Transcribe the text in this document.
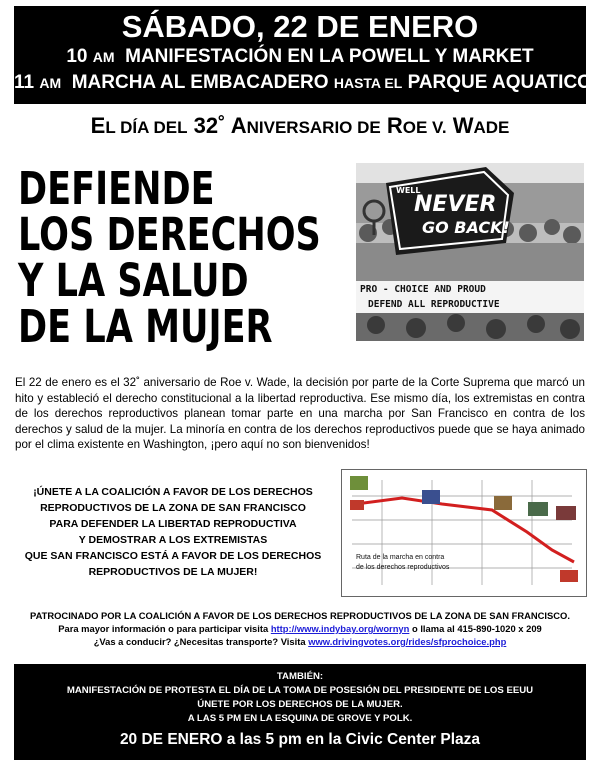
SÁBADO, 22 DE ENERO
10 AM MANIFESTACIÓN EN LA POWELL Y MARKET
11 AM MARCHA AL EMBACADERO HASTA EL PARQUE AQUATICO
EL DÍA DEL 32˚ ANIVERSARIO DE ROE V. WADE
DEFIENDE
LOS DERECHOS
Y LA SALUD
DE LA MUJER
WELL
NEVER
GO BACK!
PRO - CHOICE AND PROUD
DEFEND ALL REPRODUCTIVE
El 22 de enero es el 32˚ aniversario de Roe v. Wade, la decisión por parte de la Corte Suprema que marcó un hito y estableció el derecho constitucional a la libertad reproductiva. Ese mismo día, los extremistas en contra de los derechos reproductivos planean tomar parte en una marcha por San Francisco en contra de los derechos y salud de la mujer. La minoría en contra de los derechos reproductivos puede que se haya animado por el clima existente en Washington, ¡pero aquí no son bienvenidos!
¡ÚNETE A LA COALICIÓN A FAVOR DE LOS DERECHOS
REPRODUCTIVOS DE LA ZONA DE SAN FRANCISCO
PARA DEFENDER LA LIBERTAD REPRODUCTIVA
Y DEMOSTRAR A LOS EXTREMISTAS
QUE SAN FRANCISCO ESTÁ A FAVOR DE LOS DERECHOS
REPRODUCTIVOS DE LA MUJER!
Ruta de la marcha en contra
de los derechos reproductivos
PATROCINADO POR LA COALICIÓN A FAVOR DE LOS DERECHOS REPRODUCTIVOS DE LA ZONA DE SAN FRANCISCO.
Para mayor información o para participar visita http://www.indybay.org/wornyn o llama al 415-890-1020 x 209
¿Vas a conducir? ¿Necesitas transporte? Visita www.drivingvotes.org/rides/sfprochoice.php
TAMBIÉN:
MANIFESTACIÓN DE PROTESTA EL DÍA DE LA TOMA DE POSESIÓN DEL PRESIDENTE DE LOS EEUU
ÚNETE POR LOS DERECHOS DE LA MUJER.
A LAS 5 PM EN LA ESQUINA DE GROVE Y POLK.
20 DE ENERO a las 5 pm en la Civic Center Plaza
